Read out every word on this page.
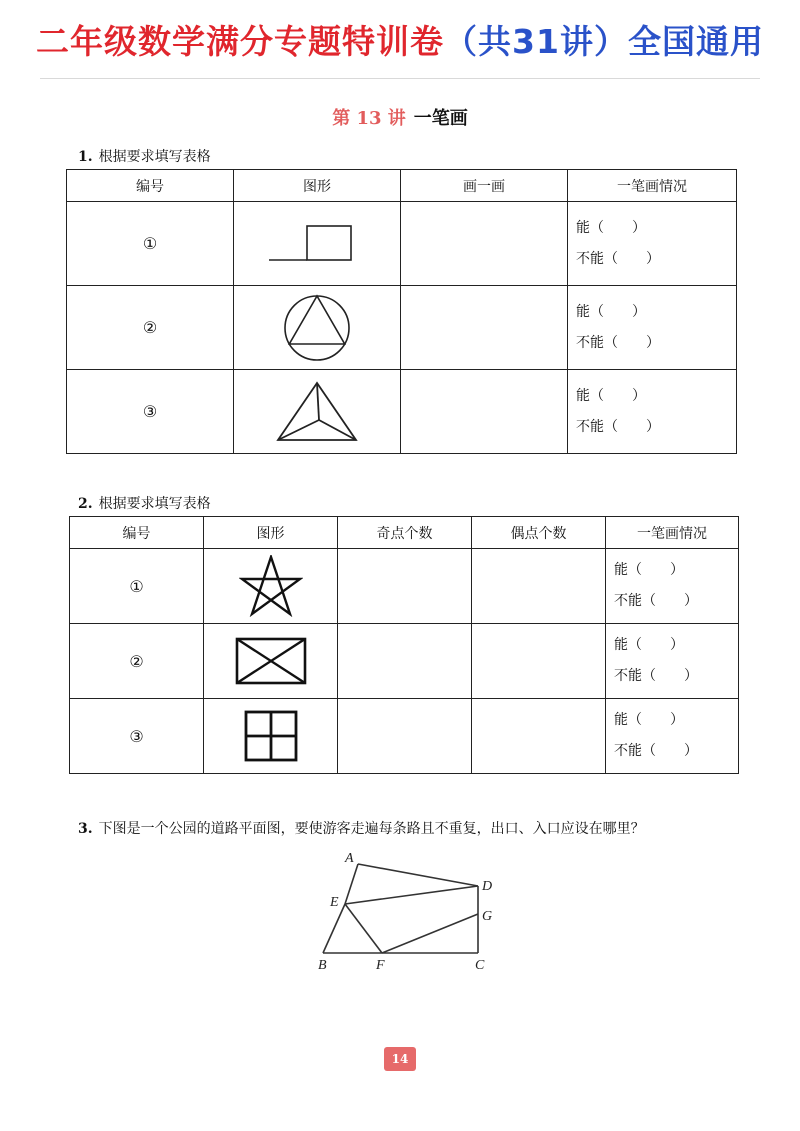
二年级数学满分专题特训卷（共31讲）全国通用
第 13 讲 一笔画
1. 根据要求填写表格
编号	图形	画一画	一笔画情况
①			能（　　）
不能（　　）

②			能（　　）
不能（　　）

③			能（　　）
不能（　　）
2. 根据要求填写表格
编号	图形	奇点个数	偶点个数	一笔画情况
①				能（　　）
不能（　　）

②				能（　　）
不能（　　）

③				能（　　）
不能（　　）
3. 下图是一个公园的道路平面图，要使游客走遍每条路且不重复，出口、入口应设在哪里？
A
D
E
G
B	F	C
14
